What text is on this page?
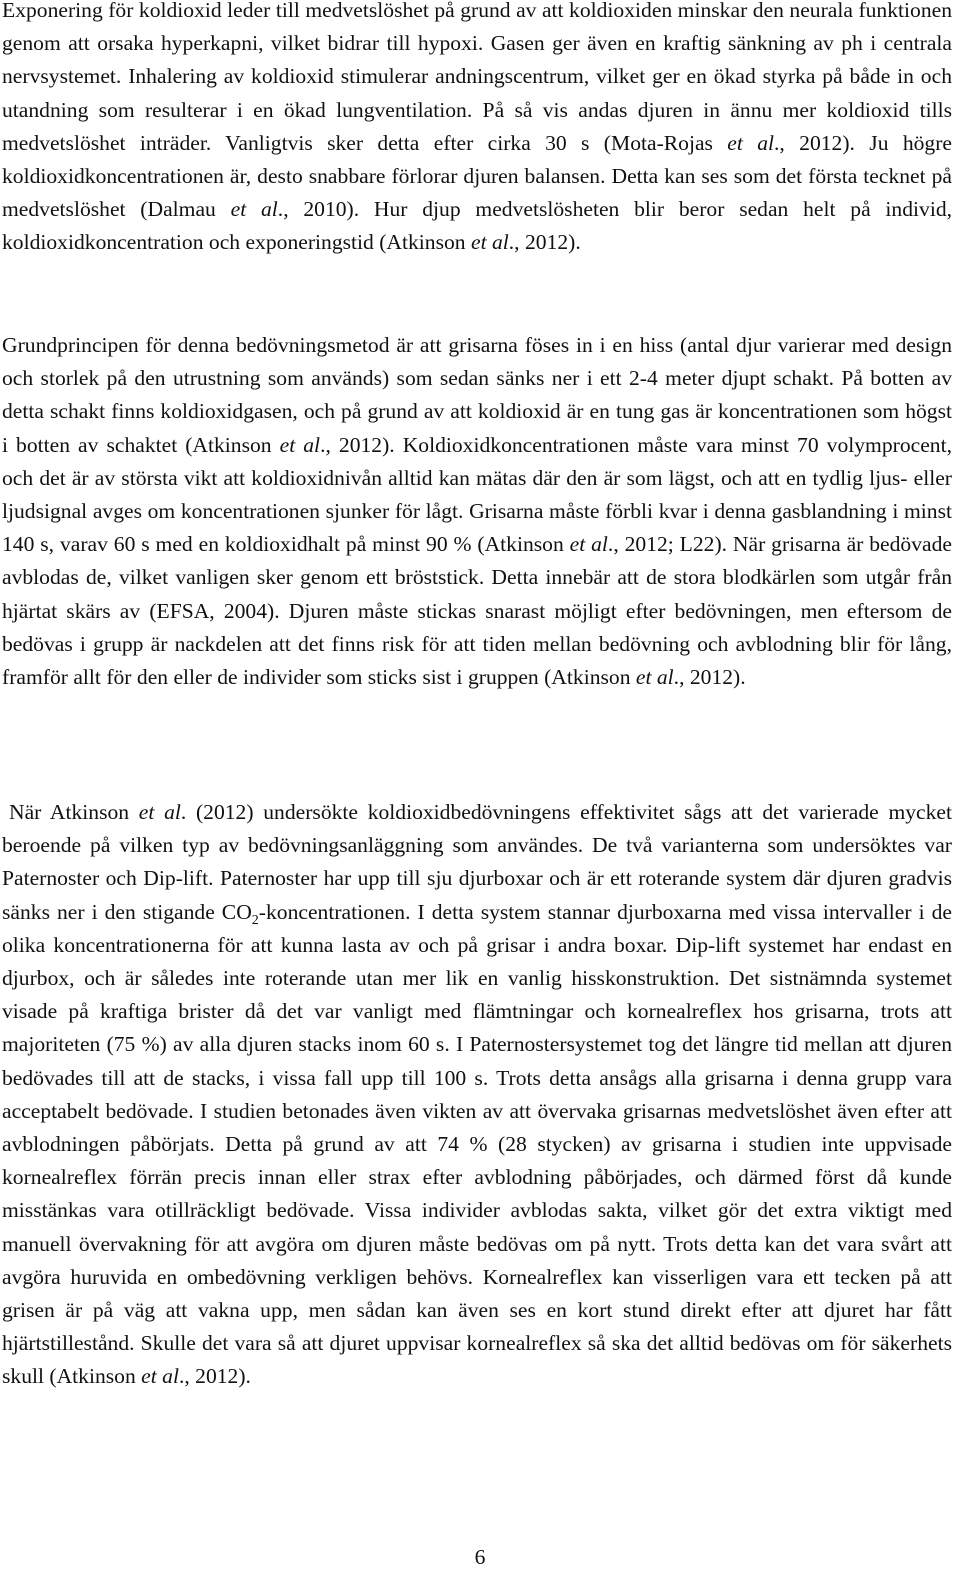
Exponering för koldioxid leder till medvetslöshet på grund av att koldioxiden minskar den neurala funktionen genom att orsaka hyperkapni, vilket bidrar till hypoxi. Gasen ger även en kraftig sänkning av ph i centrala nervsystemet. Inhalering av koldioxid stimulerar andningscentrum, vilket ger en ökad styrka på både in och utandning som resulterar i en ökad lungventilation. På så vis andas djuren in ännu mer koldioxid tills medvetslöshet inträder. Vanligtvis sker detta efter cirka 30 s (Mota-Rojas et al., 2012). Ju högre koldioxidkoncentrationen är, desto snabbare förlorar djuren balansen. Detta kan ses som det första tecknet på medvetslöshet (Dalmau et al., 2010). Hur djup medvetslösheten blir beror sedan helt på individ, koldioxidkoncentration och exponeringstid (Atkinson et al., 2012).

Grundprincipen för denna bedövningsmetod är att grisarna föses in i en hiss (antal djur varierar med design och storlek på den utrustning som används) som sedan sänks ner i ett 2-4 meter djupt schakt. På botten av detta schakt finns koldioxidgasen, och på grund av att koldioxid är en tung gas är koncentrationen som högst i botten av schaktet (Atkinson et al., 2012). Koldioxidkoncentrationen måste vara minst 70 volymprocent, och det är av största vikt att koldioxidnivån alltid kan mätas där den är som lägst, och att en tydlig ljus- eller ljudsignal avges om koncentrationen sjunker för lågt. Grisarna måste förbli kvar i denna gasblandning i minst 140 s, varav 60 s med en koldioxidhalt på minst 90 % (Atkinson et al., 2012; L22). När grisarna är bedövade avblodas de, vilket vanligen sker genom ett bröststick. Detta innebär att de stora blodkärlen som utgår från hjärtat skärs av (EFSA, 2004). Djuren måste stickas snarast möjligt efter bedövningen, men eftersom de bedövas i grupp är nackdelen att det finns risk för att tiden mellan bedövning och avblodning blir för lång, framför allt för den eller de individer som sticks sist i gruppen (Atkinson et al., 2012).

När Atkinson et al. (2012) undersökte koldioxidbedövningens effektivitet sågs att det varierade mycket beroende på vilken typ av bedövningsanläggning som användes. De två varianterna som undersöktes var Paternoster och Dip-lift. Paternoster har upp till sju djurboxar och är ett roterande system där djuren gradvis sänks ner i den stigande $CO_2$-koncentrationen. I detta system stannar djurboxarna med vissa intervaller i de olika koncentrationerna för att kunna lasta av och på grisar i andra boxar. Dip-lift systemet har endast en djurbox, och är således inte roterande utan mer lik en vanlig hisskonstruktion. Det sistnämnda systemet visade på kraftiga brister då det var vanligt med flämtningar och kornealreflex hos grisarna, trots att majoriteten (75 %) av alla djuren stacks inom 60 s. I Paternostersystemet tog det längre tid mellan att djuren bedövades till att de stacks, i vissa fall upp till 100 s. Trots detta ansågs alla grisarna i denna grupp vara acceptabelt bedövade. I studien betonades även vikten av att övervaka grisarnas medvetslöshet även efter att avblodningen påbörjats. Detta på grund av att 74 % (28 stycken) av grisarna i studien inte uppvisade kornealreflex förrän precis innan eller strax efter avblodning påbörjades, och därmed först då kunde misstänkas vara otillräckligt bedövade. Vissa individer avblodas sakta, vilket gör det extra viktigt med manuell övervakning för att avgöra om djuren måste bedövas om på nytt. Trots detta kan det vara svårt att avgöra huruvida en ombedövning verkligen behövs. Kornealreflex kan visserligen vara ett tecken på att grisen är på väg att vakna upp, men sådan kan även ses en kort stund direkt efter att djuret har fått hjärtstillestånd. Skulle det vara så att djuret uppvisar kornealreflex så ska det alltid bedövas om för säkerhets skull (Atkinson et al., 2012).

6
